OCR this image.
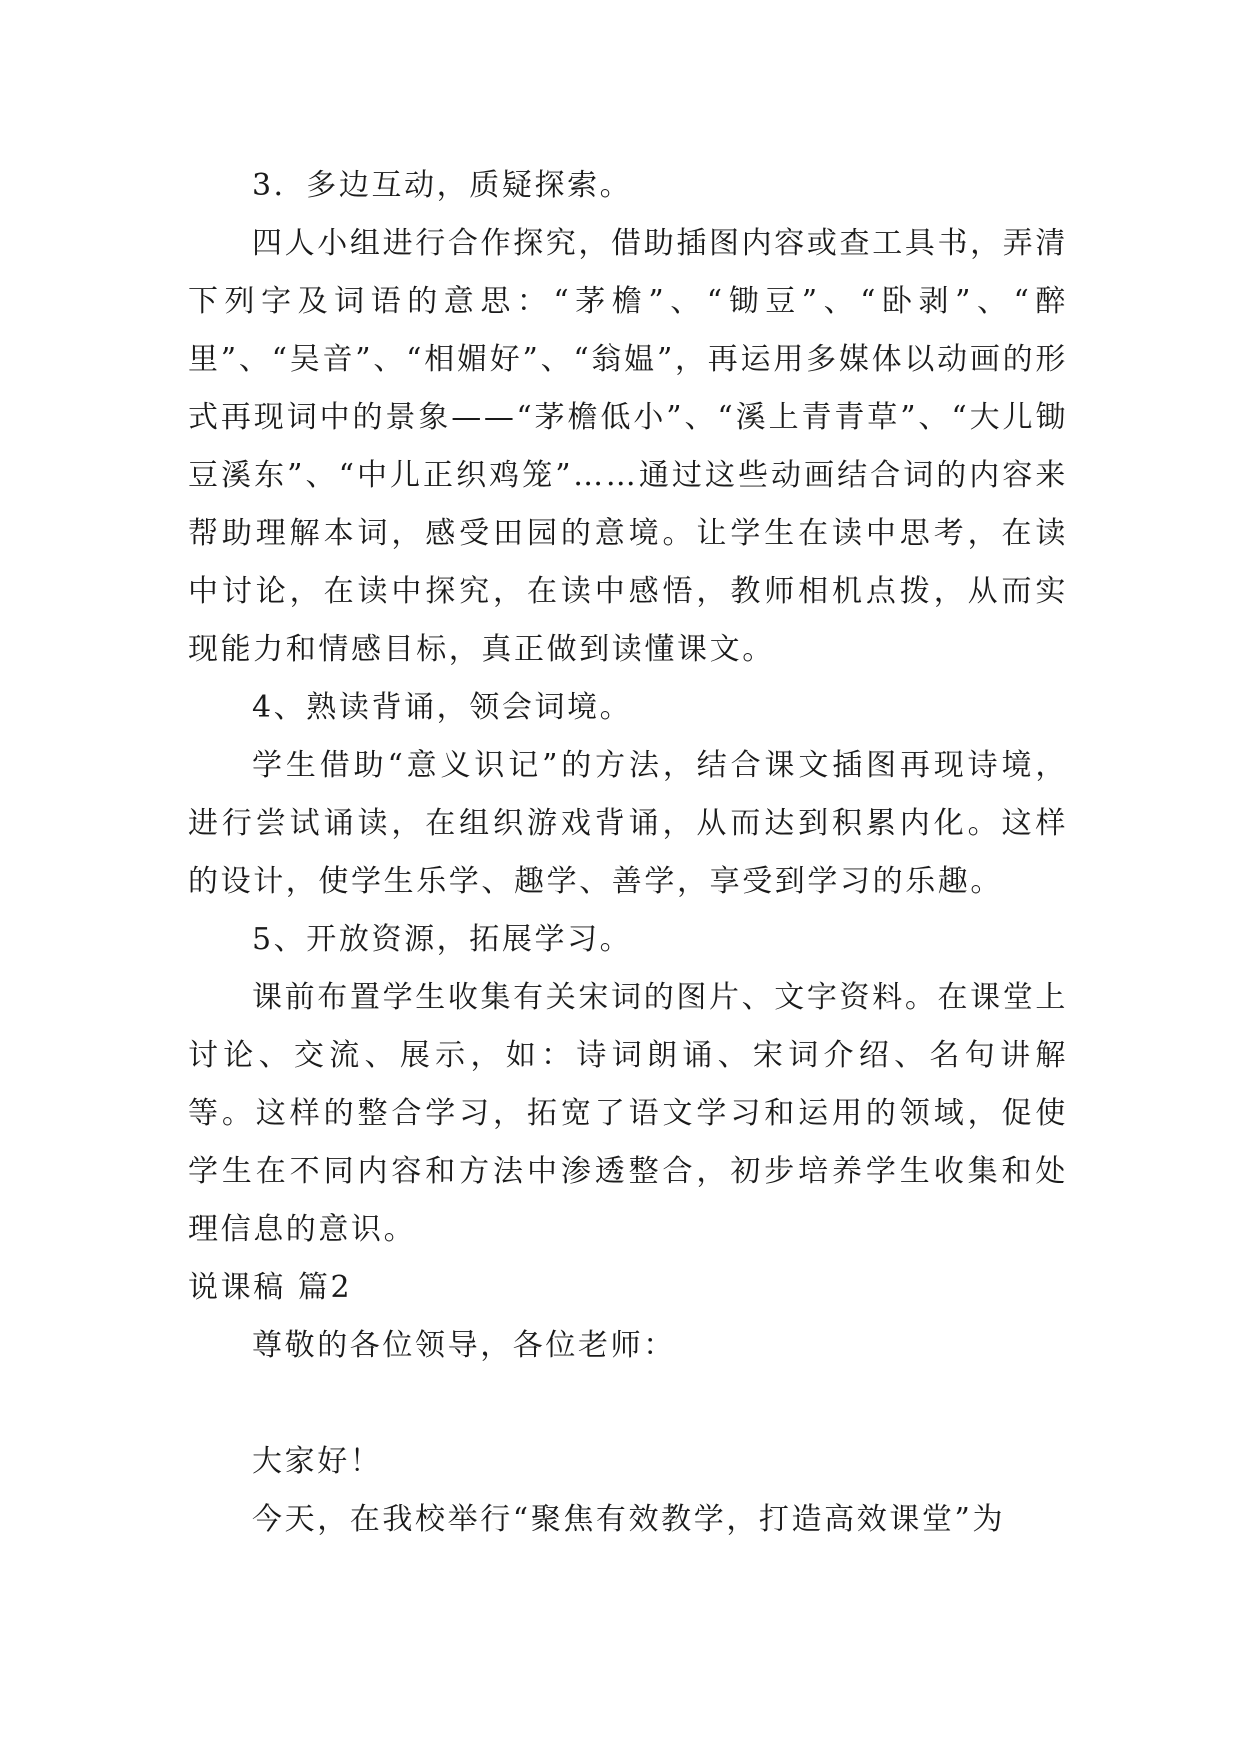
3．多边互动，质疑探索。

四人小组进行合作探究，借助插图内容或查工具书，弄清下列字及词语的意思：“茅檐”、“锄豆”、“卧剥”、“醉里”、“吴音”、“相媚好”、“翁媪”，再运用多媒体以动画的形式再现词中的景象——“茅檐低小”、“溪上青青草”、“大儿锄豆溪东”、“中儿正织鸡笼”……通过这些动画结合词的内容来帮助理解本词，感受田园的意境。让学生在读中思考，在读中讨论，在读中探究，在读中感悟，教师相机点拨，从而实现能力和情感目标，真正做到读懂课文。

4、熟读背诵，领会词境。

学生借助“意义识记”的方法，结合课文插图再现诗境，进行尝试诵读，在组织游戏背诵，从而达到积累内化。这样的设计，使学生乐学、趣学、善学，享受到学习的乐趣。

5、开放资源，拓展学习。

课前布置学生收集有关宋词的图片、文字资料。在课堂上讨论、交流、展示，如：诗词朗诵、宋词介绍、名句讲解等。这样的整合学习，拓宽了语文学习和运用的领域，促使学生在不同内容和方法中渗透整合，初步培养学生收集和处理信息的意识。

说课稿 篇2

尊敬的各位领导，各位老师：

大家好！

今天，在我校举行“聚焦有效教学，打造高效课堂”为
